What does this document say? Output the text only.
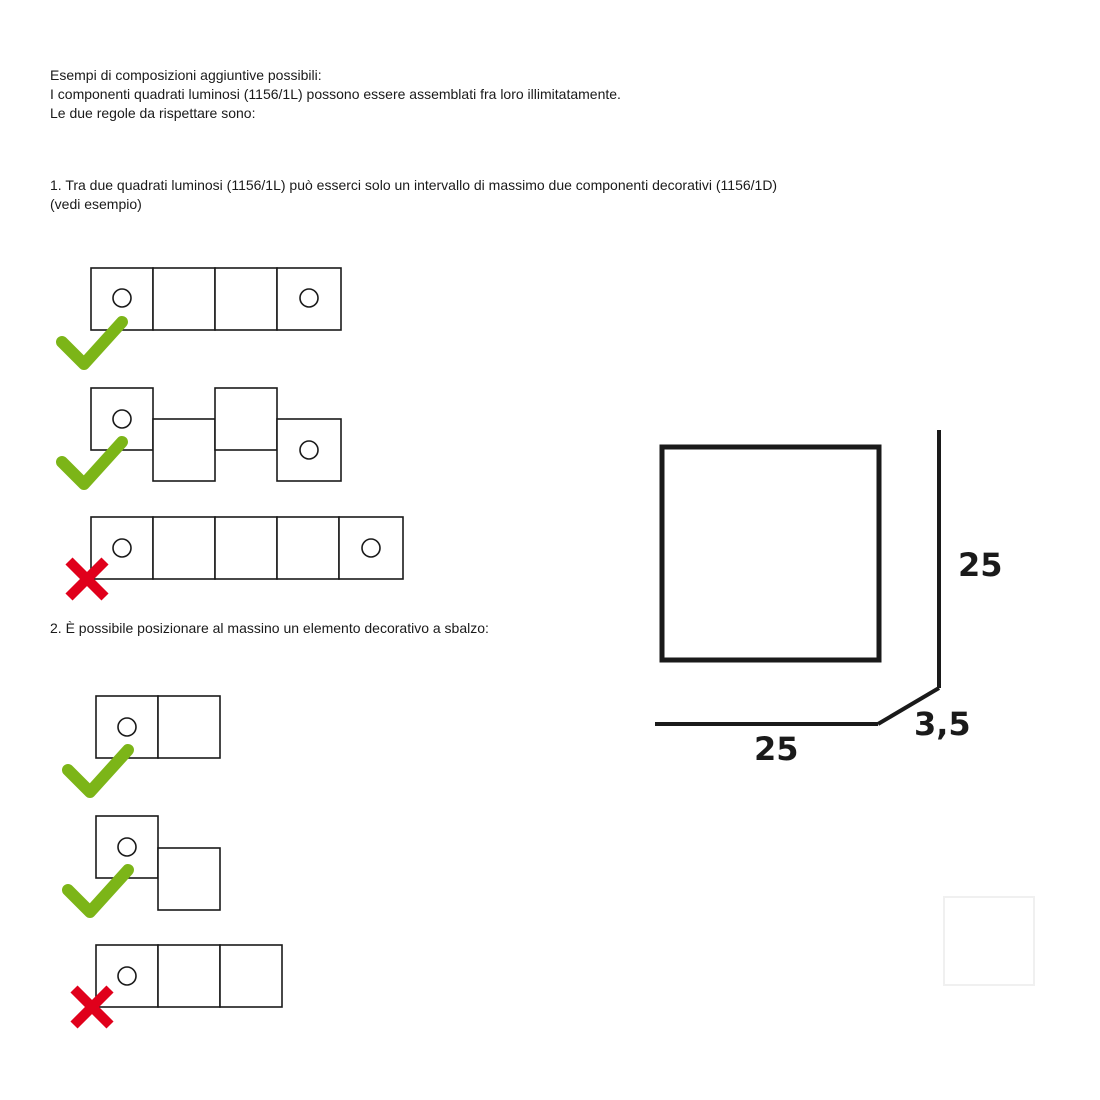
Esempi di composizioni aggiuntive possibili:
I componenti quadrati luminosi (1156/1L) possono essere assemblati fra loro illimitatamente.
Le due regole da rispettare sono:

1. Tra due quadrati luminosi (1156/1L) può esserci solo un intervallo di massimo due componenti decorativi (1156/1D) (vedi esempio)

2. È possibile posizionare al massino un elemento decorativo a sbalzo:

25
25
3,5
